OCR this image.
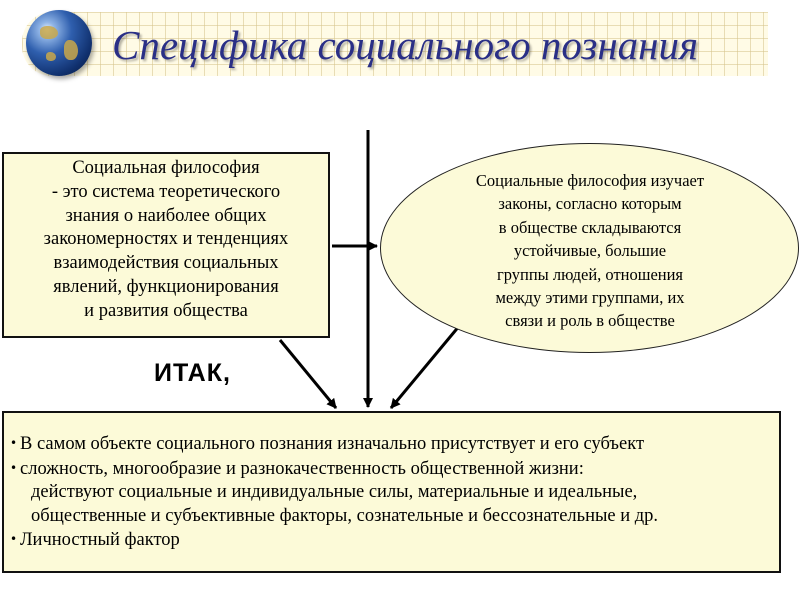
Специфика социального познания
Социальная философия
- это система теоретического
знания о наиболее общих
закономерностях и тенденциях
взаимодействия социальных
явлений, функционирования
и развития общества
Социальные философия изучает
законы, согласно которым
в обществе складываются
устойчивые, большие
группы людей, отношения
между этими группами, их
связи и роль в обществе
ИТАК,
• В самом объекте социального познания изначально присутствует и его субъект
• сложность, многообразие и разнокачественность общественной жизни:
действуют социальные и индивидуальные силы, материальные и идеальные,
общественные и субъективные факторы, сознательные и бессознательные и др.
• Личностный фактор
